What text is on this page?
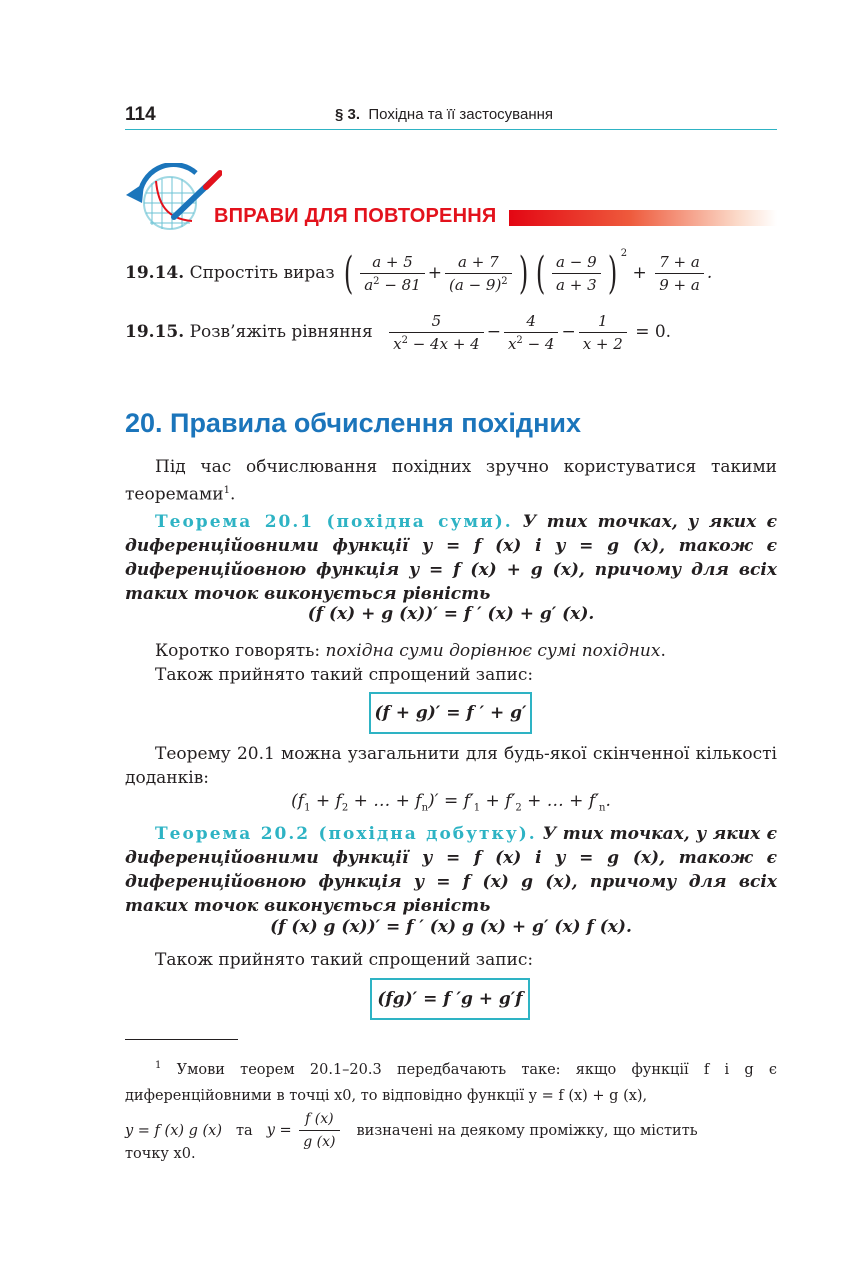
114	§ 3. Похідна та її застосування
ВПРАВИ ДЛЯ ПОВТОРЕННЯ
19.14. Спростіть вираз ( $\frac{a + 5}{a^2 - 81} + \frac{a + 7}{(a - 9)^2}$ ) ( $\frac{a - 9}{a + 3}$ ) $^2 + \frac{7 + a}{9 + a}$ .
19.15. Розв’яжіть рівняння $\frac{5}{x^2 - 4x + 4} - \frac{4}{x^2 - 4} - \frac{1}{x + 2} = 0$.
20. Правила обчислення похідних
Під час обчислювання похідних зручно користуватися такими теоремами$^1$.
Теорема 20.1 (похідна суми). У тих точках, у яких є диференційовними функції y = f (x) і y = g (x), також є диференційовною функція y = f (x) + g (x), причому для всіх таких точок виконується рівність
(f (x) + g (x))′ = f ′ (x) + g′ (x).
Коротко говорять: похідна суми дорівнює сумі похідних.
Також прийнято такий спрощений запис:
(f + g)′ = f ′ + g′
Теорему 20.1 можна узагальнити для будь-якої скінченної кількості доданків:
($f_1 + f_2$ + … + $f_n)' = f'_1 + f'_2$ + … + $f'_n$.
Теорема 20.2 (похідна добутку). У тих точках, у яких є диференційовними функції y = f (x) і y = g (x), також є диференційовною функція y = f (x) g (x), причому для всіх таких точок виконується рівність
(f (x) g (x))′ = f ′ (x) g (x) + g′ (x) f (x).
Також прийнято такий спрощений запис:
(fg)′ = f ′g + g′f
$^1$ Умови теорем 20.1–20.3 передбачають таке: якщо функції f і g є диференційовними в точці x0, то відповідно функції y = f (x) + g (x),
y = f (x) g (x) та $y = \frac{f (x)}{g (x)}$ визначені на деякому проміжку, що містить
точку x0.
